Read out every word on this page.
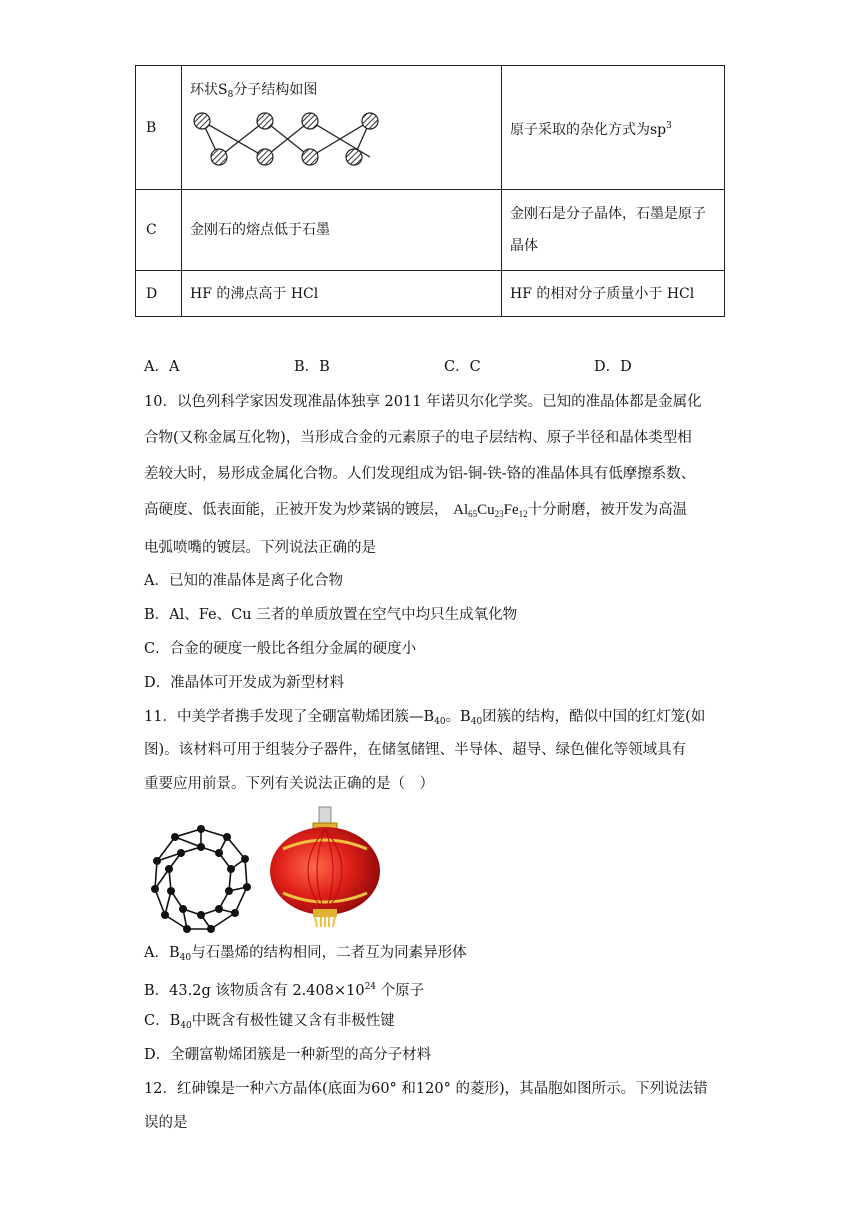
B	环状$S_8$分子结构如图	原子采取的杂化方式为$sp^3$
C	金刚石的熔点低于石墨	金刚石是分子晶体，石墨是原子
晶体

D	HF 的沸点高于 HCl	HF 的相对分子质量小于 HCl
A．A	B．B	C．C	D．D
10．以色列科学家因发现准晶体独享 2011 年诺贝尔化学奖。已知的准晶体都是金属化
合物(又称金属互化物)，当形成合金的元素原子的电子层结构、原子半径和晶体类型相
差较大时，易形成金属化合物。人们发现组成为铝-铜-铁-铬的准晶体具有低摩擦系数、
高硬度、低表面能，正被开发为炒菜锅的镀层， $Al_{65}Cu_{23}Fe_{12}$十分耐磨，被开发为高温
电弧喷嘴的镀层。下列说法正确的是
A．已知的准晶体是离子化合物
B．Al、Fe、Cu 三者的单质放置在空气中均只生成氧化物
C．合金的硬度一般比各组分金属的硬度小
D．准晶体可开发成为新型材料
11．中美学者携手发现了全硼富勒烯团簇$—B_{40}$。$B_{40}$团簇的结构，酷似中国的红灯笼(如
图)。该材料可用于组装分子器件，在储氢储锂、半导体、超导、绿色催化等领域具有
重要应用前景。下列有关说法正确的是（　）
A．$B_{40}$与石墨烯的结构相同，二者互为同素异形体
B．43.2g 该物质含有 $2.408\times 10^{24}$ 个原子
C．$B_{40}$中既含有极性键又含有非极性键
D．全硼富勒烯团簇是一种新型的高分子材料
12．红砷镍是一种六方晶体(底面为60° 和120° 的菱形)，其晶胞如图所示。下列说法错
误的是
